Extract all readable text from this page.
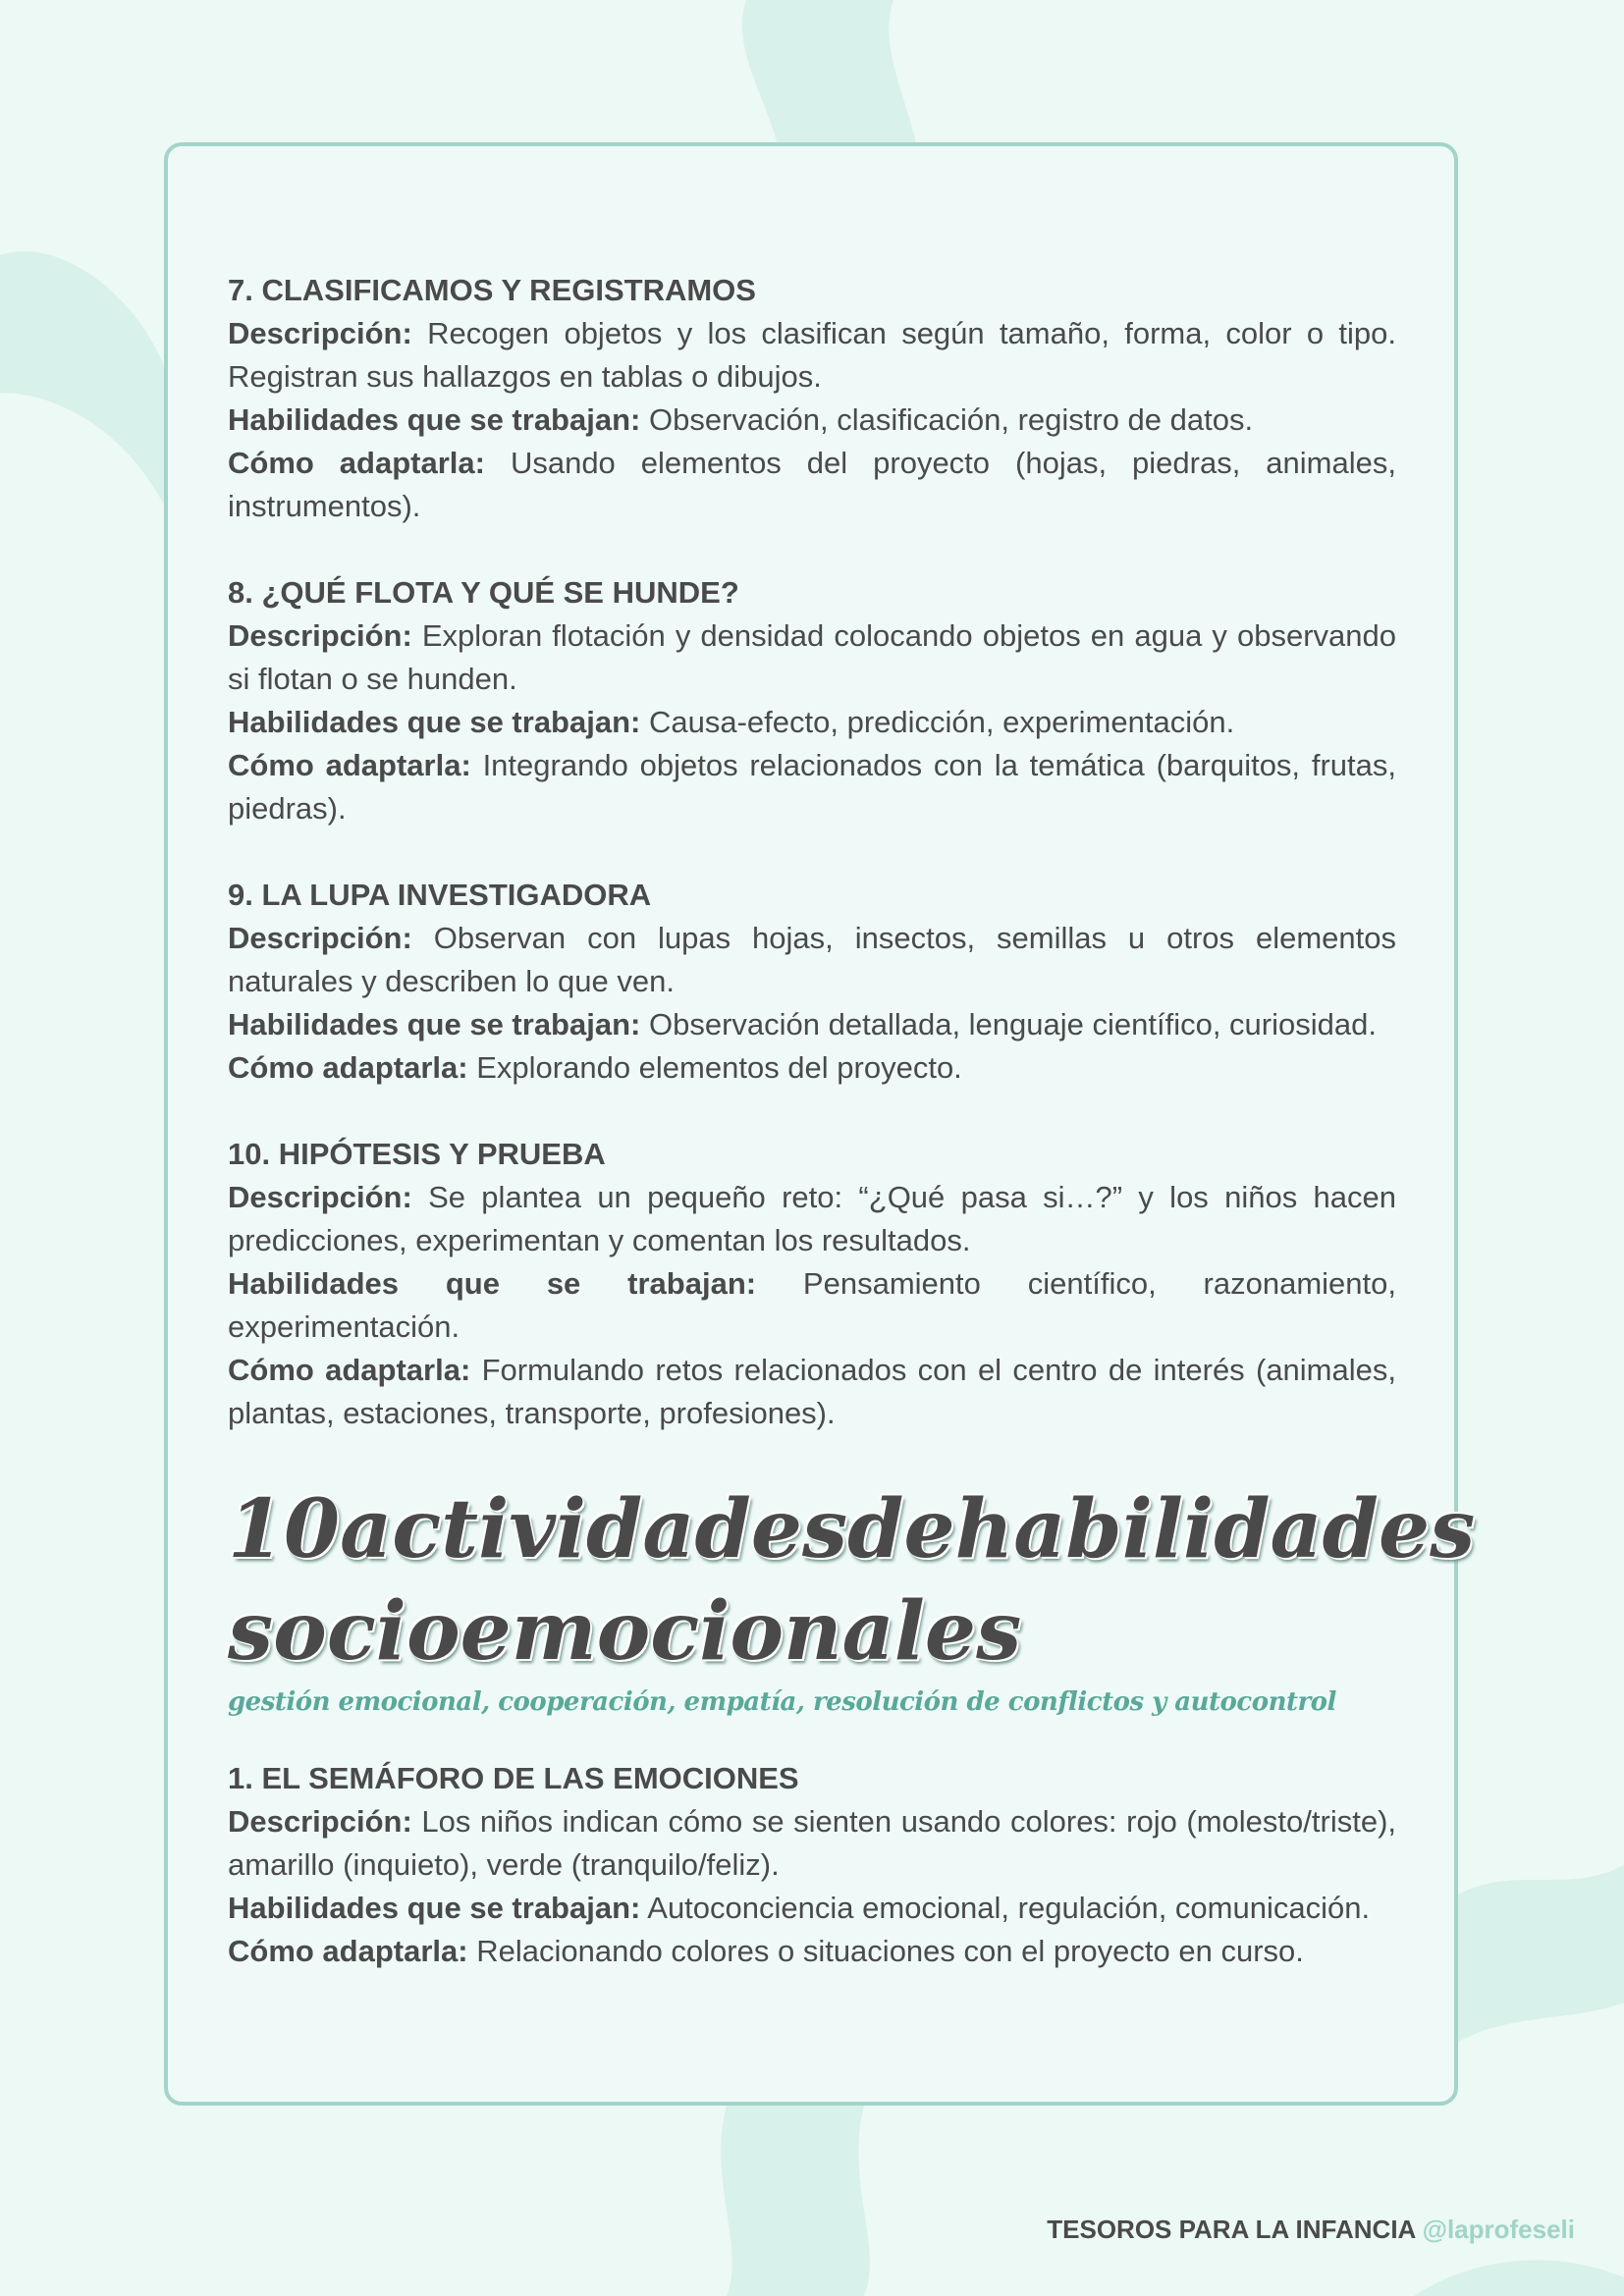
7. CLASIFICAMOS Y REGISTRAMOS

Descripción: Recogen objetos y los clasifican según tamaño, forma, color o tipo. Registran sus hallazgos en tablas o dibujos.

Habilidades que se trabajan: Observación, clasificación, registro de datos.

Cómo adaptarla: Usando elementos del proyecto (hojas, piedras, animales, instrumentos).

8. ¿QUÉ FLOTA Y QUÉ SE HUNDE?

Descripción: Exploran flotación y densidad colocando objetos en agua y observando si flotan o se hunden.

Habilidades que se trabajan: Causa-efecto, predicción, experimentación.

Cómo adaptarla: Integrando objetos relacionados con la temática (barquitos, frutas, piedras).

9. LA LUPA INVESTIGADORA

Descripción: Observan con lupas hojas, insectos, semillas u otros elementos naturales y describen lo que ven.

Habilidades que se trabajan: Observación detallada, lenguaje científico, curiosidad.

Cómo adaptarla: Explorando elementos del proyecto.

10. HIPÓTESIS Y PRUEBA

Descripción: Se plantea un pequeño reto: “¿Qué pasa si…?” y los niños hacen predicciones, experimentan y comentan los resultados.

Habilidades que se trabajan: Pensamiento científico, razonamiento, experimentación.

Cómo adaptarla: Formulando retos relacionados con el centro de interés (animales, plantas, estaciones, transporte, profesiones).

10 actividades de habilidades
socioemocionales
gestión emocional, cooperación, empatía, resolución de conflictos y autocontrol

1. EL SEMÁFORO DE LAS EMOCIONES

Descripción: Los niños indican cómo se sienten usando colores: rojo (molesto/triste), amarillo (inquieto), verde (tranquilo/feliz).

Habilidades que se trabajan: Autoconciencia emocional, regulación, comunicación.

Cómo adaptarla: Relacionando colores o situaciones con el proyecto en curso.

TESOROS PARA LA INFANCIA @laprofeseli
